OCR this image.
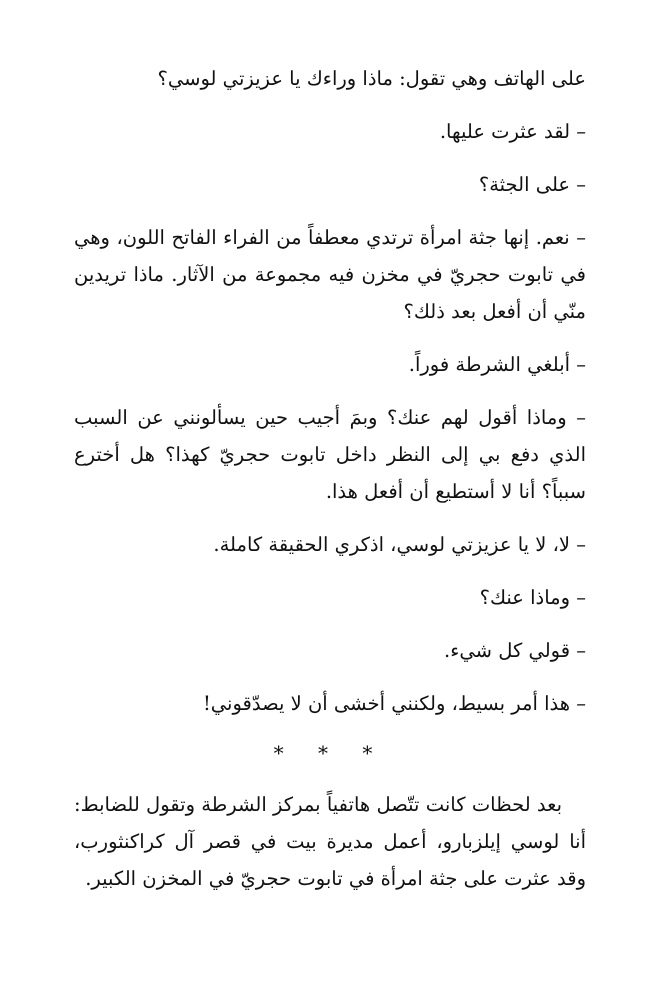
على الهاتف وهي تقول: ماذا وراءك يا عزيزتي لوسي؟

– لقد عثرت عليها.

– على الجثة؟

– نعم. إنها جثة امرأة ترتدي معطفاً من الفراء الفاتح اللون، وهي في تابوت حجريّ في مخزن فيه مجموعة من الآثار. ماذا تريدين منّي أن أفعل بعد ذلك؟

– أبلغي الشرطة فوراً.

– وماذا أقول لهم عنك؟ وبمَ أجيب حين يسألونني عن السبب الذي دفع بي إلى النظر داخل تابوت حجريّ كهذا؟ هل أخترع سبباً؟ أنا لا أستطيع أن أفعل هذا.

– لا، لا يا عزيزتي لوسي، اذكري الحقيقة كاملة.

– وماذا عنك؟

– قولي كل شيء.

– هذا أمر بسيط، ولكنني أخشى أن لا يصدّقوني!

* * *

بعد لحظات كانت تتّصل هاتفياً بمركز الشرطة وتقول للضابط: أنا لوسي إيلزبارو، أعمل مديرة بيت في قصر آل كراكنثورب، وقد عثرت على جثة امرأة في تابوت حجريّ في المخزن الكبير.
